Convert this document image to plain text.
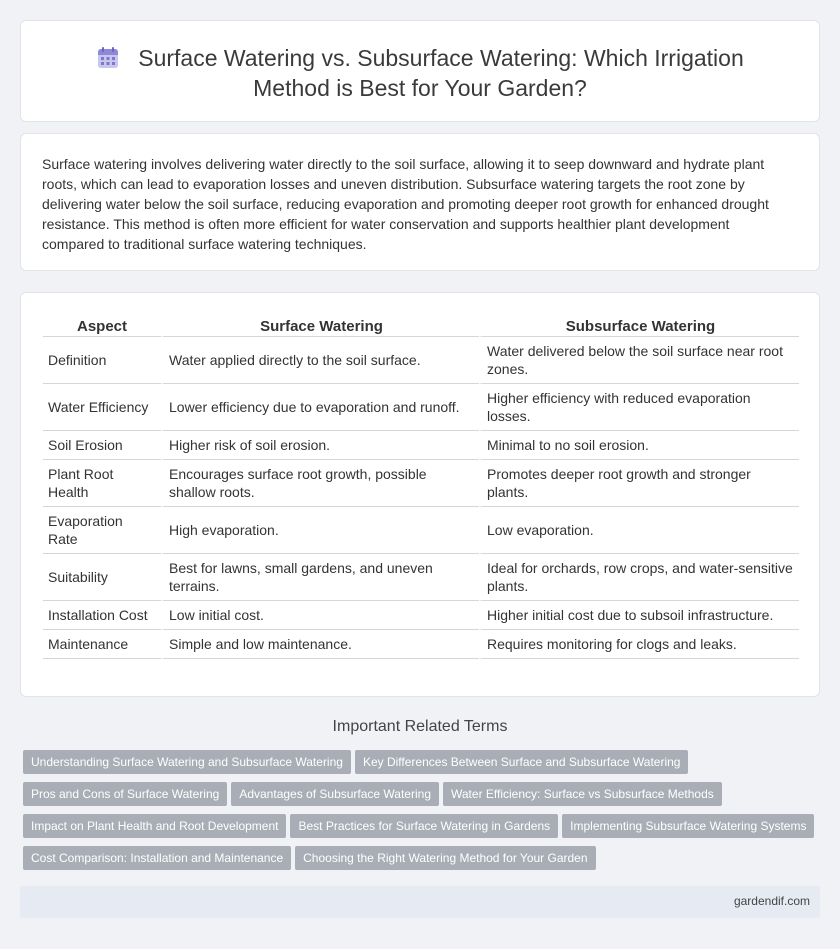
Surface Watering vs. Subsurface Watering: Which Irrigation Method is Best for Your Garden?

Surface watering involves delivering water directly to the soil surface, allowing it to seep downward and hydrate plant roots, which can lead to evaporation losses and uneven distribution. Subsurface watering targets the root zone by delivering water below the soil surface, reducing evaporation and promoting deeper root growth for enhanced drought resistance. This method is often more efficient for water conservation and supports healthier plant development compared to traditional surface watering techniques.

Aspect	Surface Watering	Subsurface Watering
Definition	Water applied directly to the soil surface.	Water delivered below the soil surface near root zones.
Water Efficiency	Lower efficiency due to evaporation and runoff.	Higher efficiency with reduced evaporation losses.
Soil Erosion	Higher risk of soil erosion.	Minimal to no soil erosion.
Plant Root Health	Encourages surface root growth, possible shallow roots.	Promotes deeper root growth and stronger plants.
Evaporation Rate	High evaporation.	Low evaporation.
Suitability	Best for lawns, small gardens, and uneven terrains.	Ideal for orchards, row crops, and water-sensitive plants.
Installation Cost	Low initial cost.	Higher initial cost due to subsoil infrastructure.
Maintenance	Simple and low maintenance.	Requires monitoring for clogs and leaks.
Important Related Terms
Understanding Surface Watering and Subsurface Watering Key Differences Between Surface and Subsurface Watering
Pros and Cons of Surface Watering Advantages of Subsurface Watering Water Efficiency: Surface vs Subsurface Methods
Impact on Plant Health and Root Development Best Practices for Surface Watering in Gardens Implementing Subsurface Watering Systems
Cost Comparison: Installation and Maintenance Choosing the Right Watering Method for Your Garden
gardendif.com
